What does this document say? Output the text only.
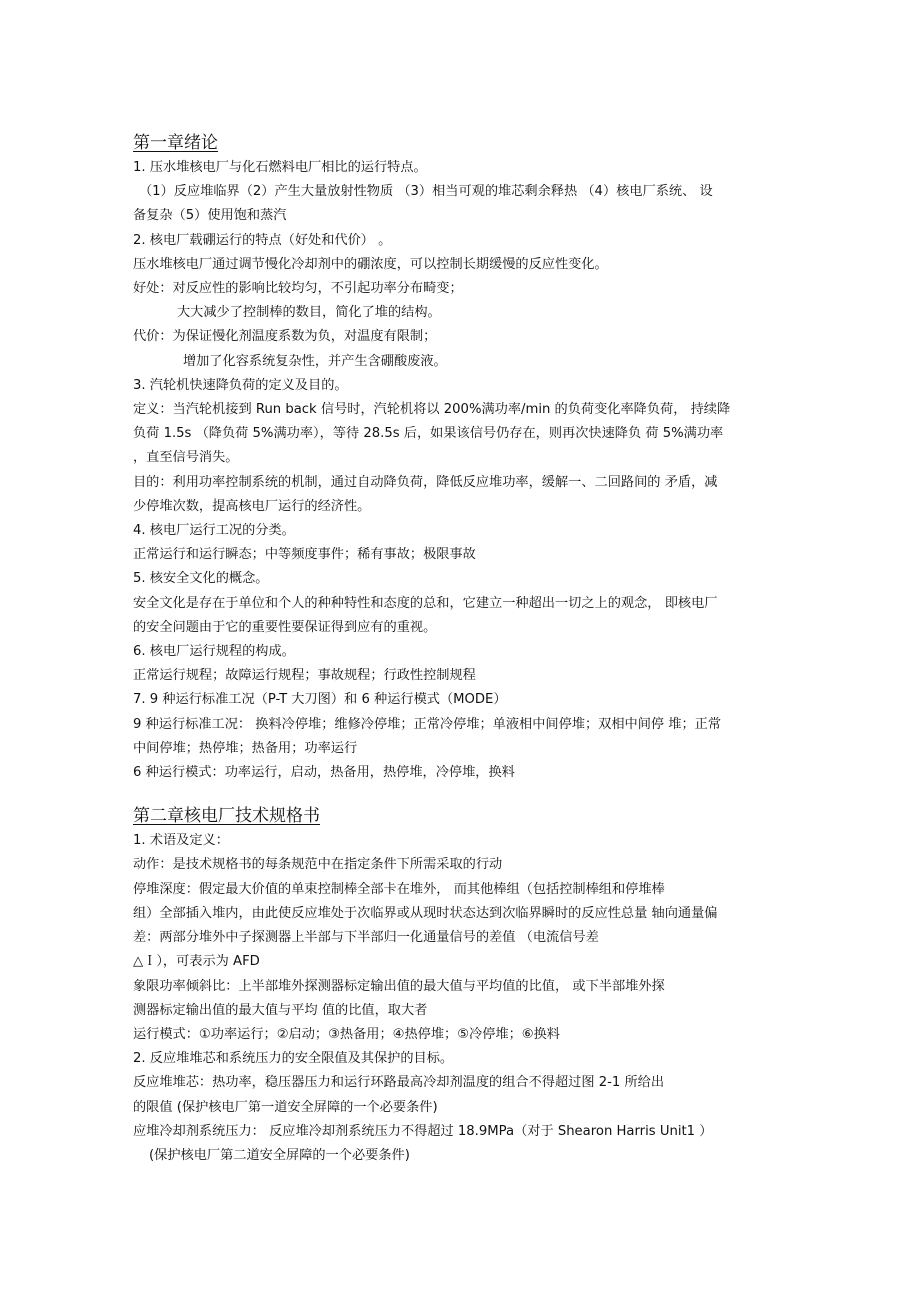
第一章绪论

1. 压水堆核电厂与化石燃料电厂相比的运行特点。

（1）反应堆临界（2）产生大量放射性物质 （3）相当可观的堆芯剩余释热 （4）核电厂系统、 设

备复杂（5）使用饱和蒸汽

2. 核电厂载硼运行的特点（好处和代价） 。

压水堆核电厂通过调节慢化冷却剂中的硼浓度，可以控制长期缓慢的反应性变化。

好处：对反应性的影响比较均匀，不引起功率分布畸变；

大大减少了控制棒的数目，简化了堆的结构。

代价：为保证慢化剂温度系数为负，对温度有限制；

增加了化容系统复杂性，并产生含硼酸废液。

3. 汽轮机快速降负荷的定义及目的。

定义：当汽轮机接到 Run back 信号时，汽轮机将以 200%满功率/min 的负荷变化率降负荷， 持续降

负荷 1.5s （降负荷 5%满功率），等待 28.5s 后，如果该信号仍存在，则再次快速降负 荷 5%满功率

，直至信号消失。

目的：利用功率控制系统的机制，通过自动降负荷，降低反应堆功率，缓解一、二回路间的 矛盾，减

少停堆次数，提高核电厂运行的经济性。

4. 核电厂运行工况的分类。

正常运行和运行瞬态；中等频度事件；稀有事故；极限事故

5. 核安全文化的概念。

安全文化是存在于单位和个人的种种特性和态度的总和，它建立一种超出一切之上的观念， 即核电厂

的安全问题由于它的重要性要保证得到应有的重视。

6. 核电厂运行规程的构成。

正常运行规程；故障运行规程；事故规程；行政性控制规程

7. 9 种运行标准工况（P-T 大刀图）和 6 种运行模式（MODE）

9 种运行标准工况： 换料冷停堆；维修冷停堆；正常冷停堆；单液相中间停堆；双相中间停 堆；正常

中间停堆；热停堆；热备用；功率运行

6 种运行模式：功率运行，启动，热备用，热停堆，冷停堆，换料

第二章核电厂技术规格书

1. 术语及定义：

动作：是技术规格书的每条规范中在指定条件下所需采取的行动

停堆深度：假定最大价值的单束控制棒全部卡在堆外， 而其他棒组（包括控制棒组和停堆棒

组）全部插入堆内，由此使反应堆处于次临界或从现时状态达到次临界瞬时的反应性总量 轴向通量偏

差：两部分堆外中子探测器上半部与下半部归一化通量信号的差值 （电流信号差

△Ｉ），可表示为 AFD

象限功率倾斜比：上半部堆外探测器标定输出值的最大值与平均值的比值， 或下半部堆外探

测器标定输出值的最大值与平均 值的比值，取大者

运行模式：①功率运行；②启动；③热备用；④热停堆；⑤冷停堆；⑥换料

2. 反应堆堆芯和系统压力的安全限值及其保护的目标。

反应堆堆芯：热功率，稳压器压力和运行环路最高冷却剂温度的组合不得超过图 2-1 所给出

的限值 (保护核电厂第一道安全屏障的一个必要条件)

应堆冷却剂系统压力： 反应堆冷却剂系统压力不得超过 18.9MPa（对于 Shearon Harris Unit1 ）

(保护核电厂第二道安全屏障的一个必要条件)
